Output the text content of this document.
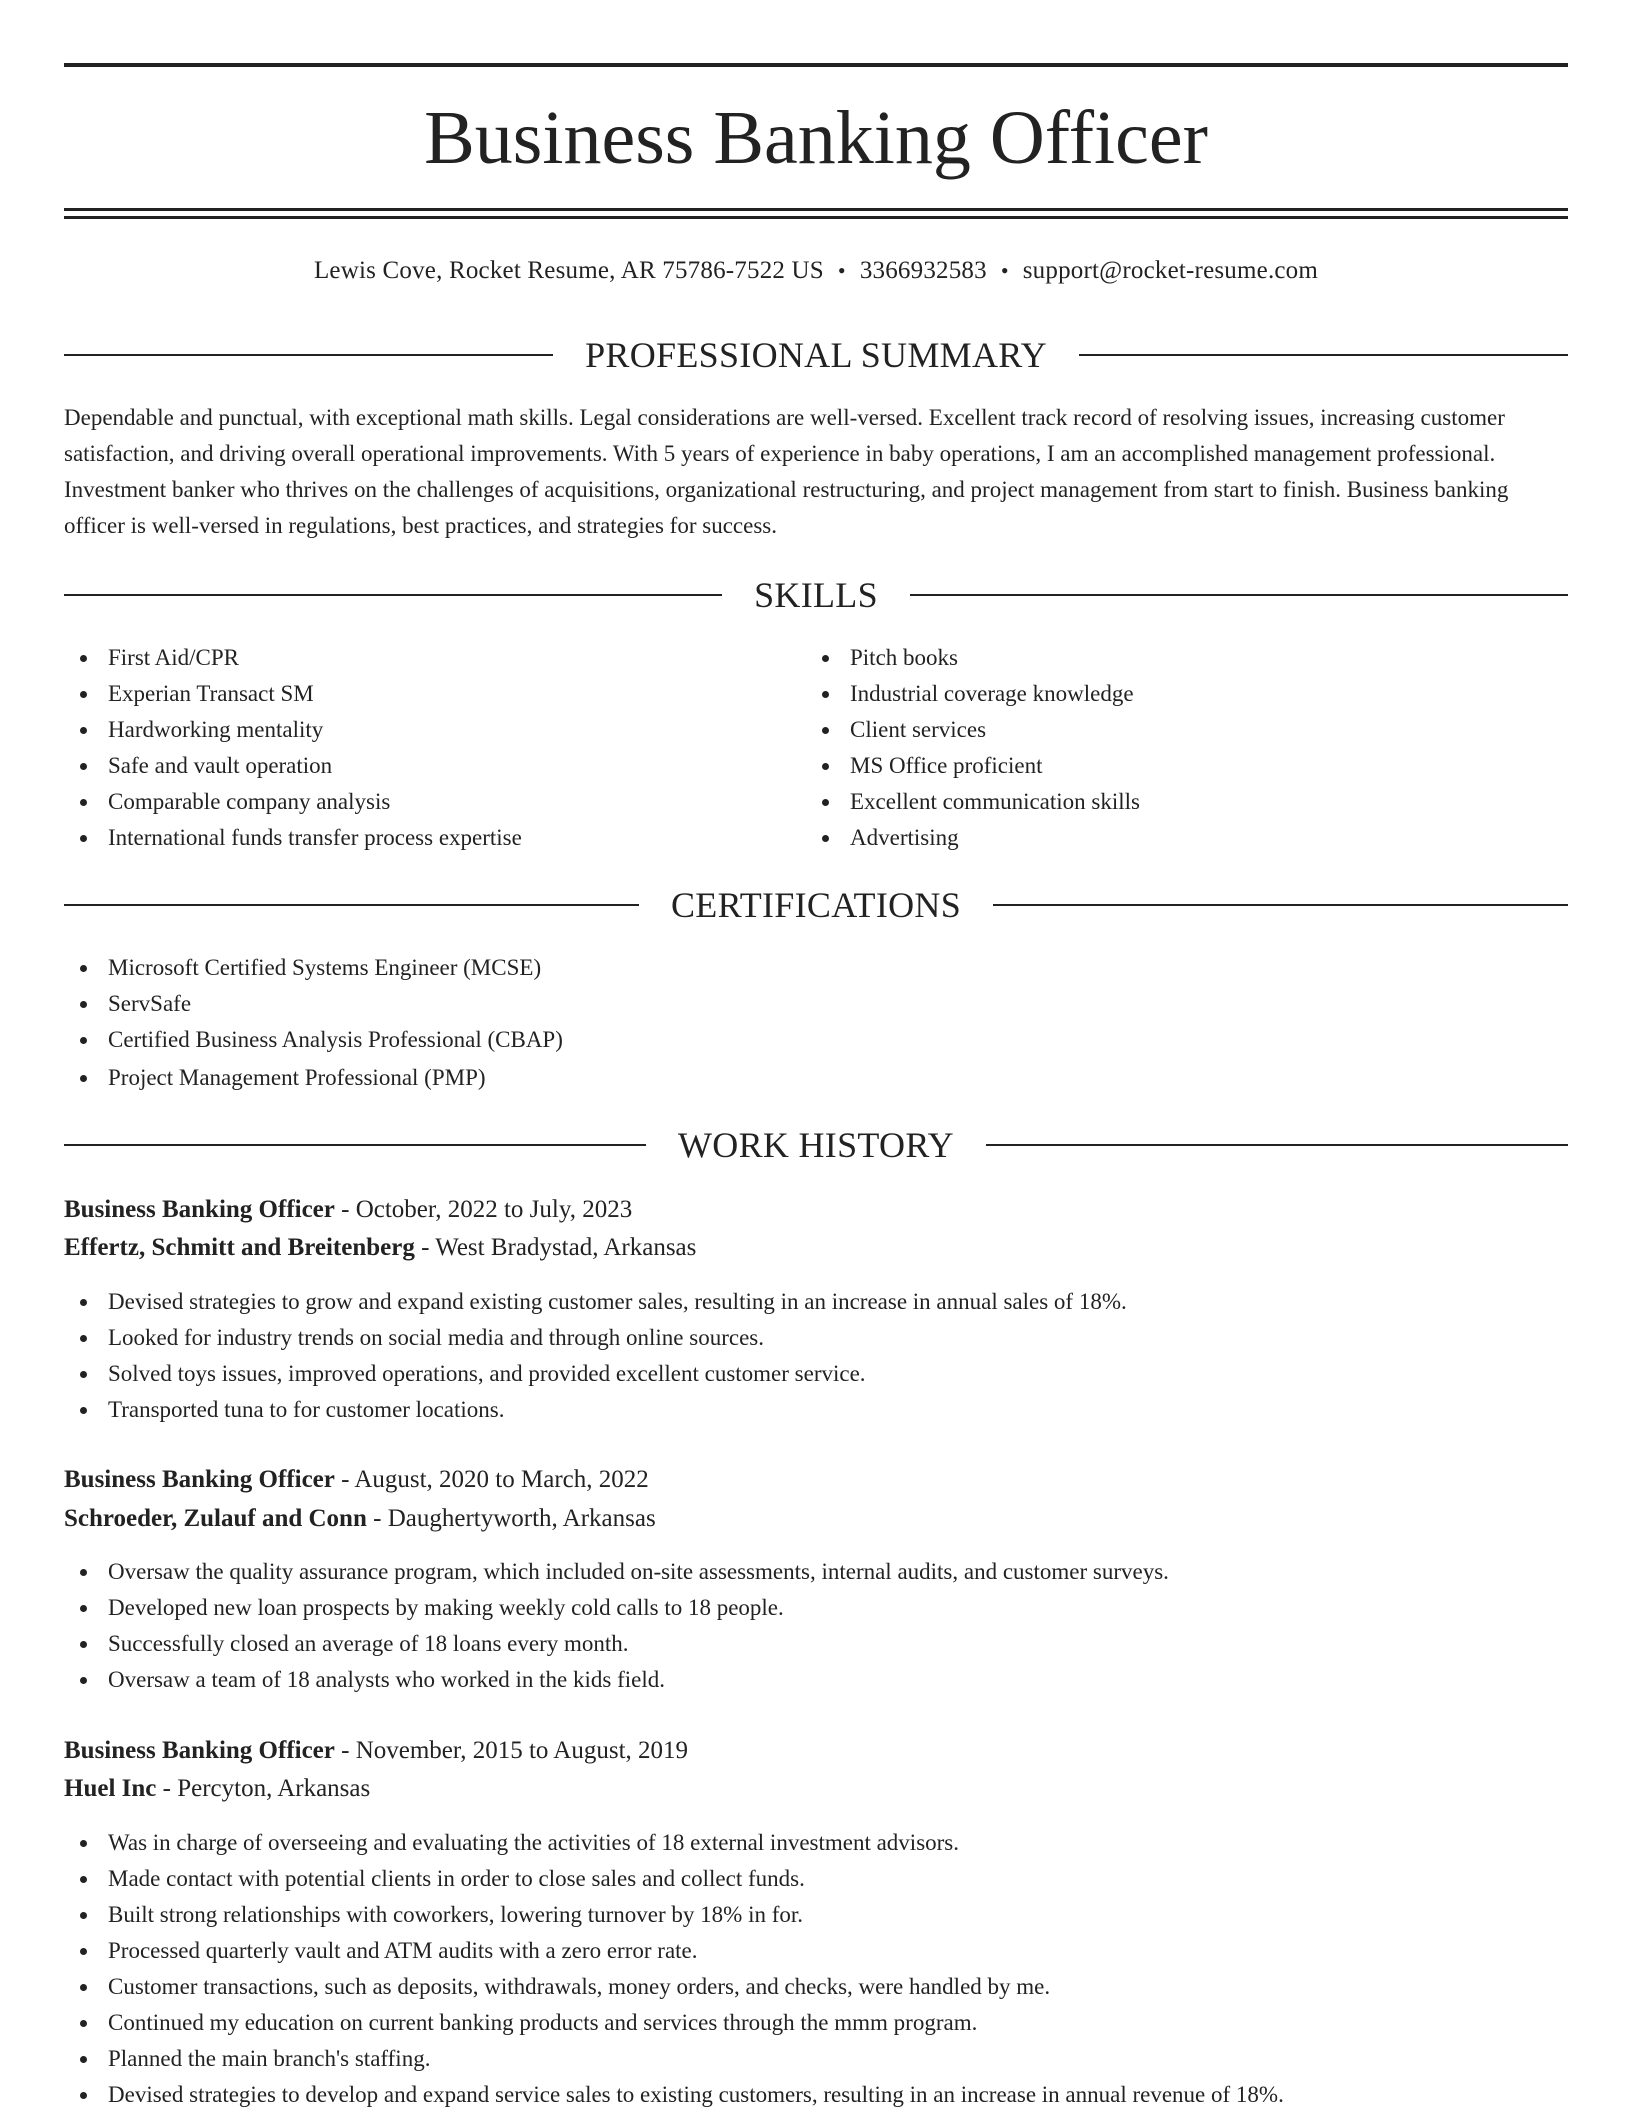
Business Banking Officer
Lewis Cove, Rocket Resume, AR 75786-7522 US • 3366932583 • support@rocket-resume.com
PROFESSIONAL SUMMARY

Dependable and punctual, with exceptional math skills. Legal considerations are well-versed. Excellent track record of resolving issues, increasing customer satisfaction, and driving overall operational improvements. With 5 years of experience in baby operations, I am an accomplished management professional. Investment banker who thrives on the challenges of acquisitions, organizational restructuring, and project management from start to finish. Business banking officer is well-versed in regulations, best practices, and strategies for success.

SKILLS
First Aid/CPR
Experian Transact SM
Hardworking mentality
Safe and vault operation
Comparable company analysis
International funds transfer process expertise
Pitch books
Industrial coverage knowledge
Client services
MS Office proficient
Excellent communication skills
Advertising
CERTIFICATIONS
Microsoft Certified Systems Engineer (MCSE)
ServSafe
Certified Business Analysis Professional (CBAP)
Project Management Professional (PMP)
WORK HISTORY
Business Banking Officer - October, 2022 to July, 2023
Effertz, Schmitt and Breitenberg - West Bradystad, Arkansas
Devised strategies to grow and expand existing customer sales, resulting in an increase in annual sales of 18%.
Looked for industry trends on social media and through online sources.
Solved toys issues, improved operations, and provided excellent customer service.
Transported tuna to for customer locations.
Business Banking Officer - August, 2020 to March, 2022
Schroeder, Zulauf and Conn - Daughertyworth, Arkansas
Oversaw the quality assurance program, which included on-site assessments, internal audits, and customer surveys.
Developed new loan prospects by making weekly cold calls to 18 people.
Successfully closed an average of 18 loans every month.
Oversaw a team of 18 analysts who worked in the kids field.
Business Banking Officer - November, 2015 to August, 2019
Huel Inc - Percyton, Arkansas
Was in charge of overseeing and evaluating the activities of 18 external investment advisors.
Made contact with potential clients in order to close sales and collect funds.
Built strong relationships with coworkers, lowering turnover by 18% in for.
Processed quarterly vault and ATM audits with a zero error rate.
Customer transactions, such as deposits, withdrawals, money orders, and checks, were handled by me.
Continued my education on current banking products and services through the mmm program.
Planned the main branch's staffing.
Devised strategies to develop and expand service sales to existing customers, resulting in an increase in annual revenue of 18%.
